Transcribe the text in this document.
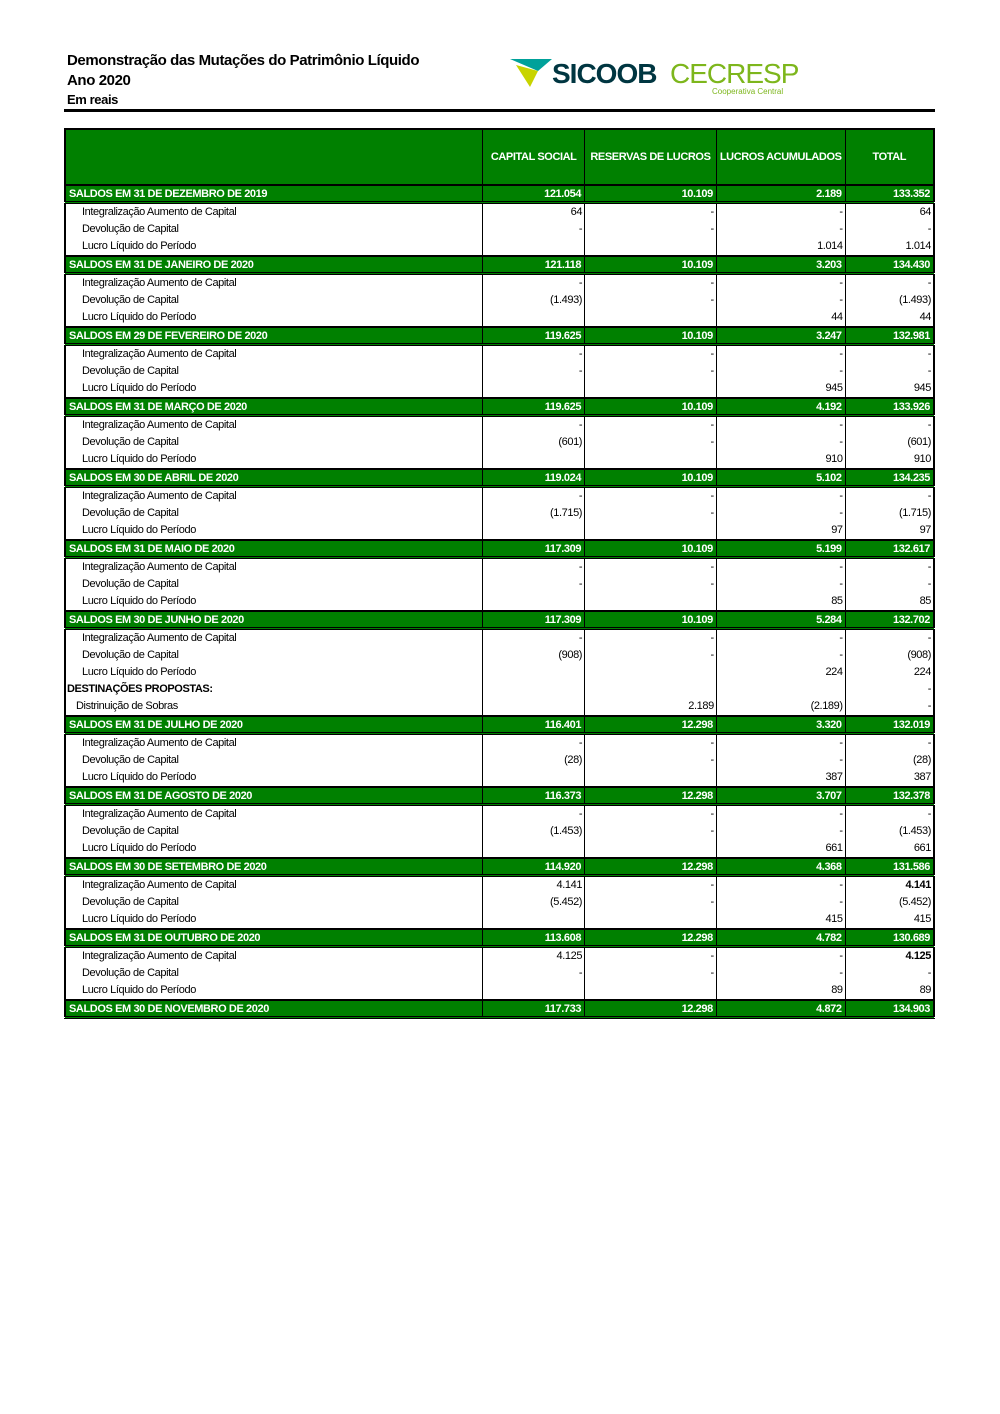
Demonstração das Mutações do Patrimônio Líquido
Ano 2020
Em reais
SICOOB CECRESP
Cooperativa Central
	CAPITAL SOCIAL	RESERVAS DE LUCROS	LUCROS ACUMULADOS	TOTAL
SALDOS EM 31 DE DEZEMBRO DE 2019	121.054	10.109	2.189	133.352
Integralização Aumento de Capital	64	-	-	64
Devolução de Capital	-	-	-	-
Lucro Líquido do Período			1.014	1.014
SALDOS EM 31 DE JANEIRO DE 2020	121.118	10.109	3.203	134.430
Integralização Aumento de Capital	-	-	-	-
Devolução de Capital	(1.493)	-	-	(1.493)
Lucro Líquido do Período			44	44
SALDOS EM 29 DE FEVEREIRO DE 2020	119.625	10.109	3.247	132.981
Integralização Aumento de Capital	-	-	-	-
Devolução de Capital	-	-	-	-
Lucro Líquido do Período			945	945
SALDOS EM 31 DE MARÇO DE 2020	119.625	10.109	4.192	133.926
Integralização Aumento de Capital	-	-	-	-
Devolução de Capital	(601)	-	-	(601)
Lucro Líquido do Período			910	910
SALDOS EM 30 DE ABRIL DE 2020	119.024	10.109	5.102	134.235
Integralização Aumento de Capital	-	-	-	-
Devolução de Capital	(1.715)	-	-	(1.715)
Lucro Líquido do Período			97	97
SALDOS EM 31 DE MAIO DE 2020	117.309	10.109	5.199	132.617
Integralização Aumento de Capital	-	-	-	-
Devolução de Capital	-	-	-	-
Lucro Líquido do Período			85	85
SALDOS EM 30 DE JUNHO DE 2020	117.309	10.109	5.284	132.702
Integralização Aumento de Capital	-	-	-	-
Devolução de Capital	(908)	-	-	(908)
Lucro Líquido do Período			224	224
DESTINAÇÕES PROPOSTAS:				-
Distrinuição de Sobras		2.189	(2.189)	-
SALDOS EM 31 DE JULHO DE 2020	116.401	12.298	3.320	132.019
Integralização Aumento de Capital	-	-	-	-
Devolução de Capital	(28)	-	-	(28)
Lucro Líquido do Período			387	387
SALDOS EM 31 DE AGOSTO DE 2020	116.373	12.298	3.707	132.378
Integralização Aumento de Capital	-	-	-	-
Devolução de Capital	(1.453)	-	-	(1.453)
Lucro Líquido do Período			661	661
SALDOS EM 30 DE SETEMBRO DE 2020	114.920	12.298	4.368	131.586
Integralização Aumento de Capital	4.141	-	-	4.141
Devolução de Capital	(5.452)	-	-	(5.452)
Lucro Líquido do Período			415	415
SALDOS EM 31 DE OUTUBRO DE 2020	113.608	12.298	4.782	130.689
Integralização Aumento de Capital	4.125	-	-	4.125
Devolução de Capital	-	-	-	-
Lucro Líquido do Período			89	89
SALDOS EM 30 DE NOVEMBRO DE 2020	117.733	12.298	4.872	134.903
